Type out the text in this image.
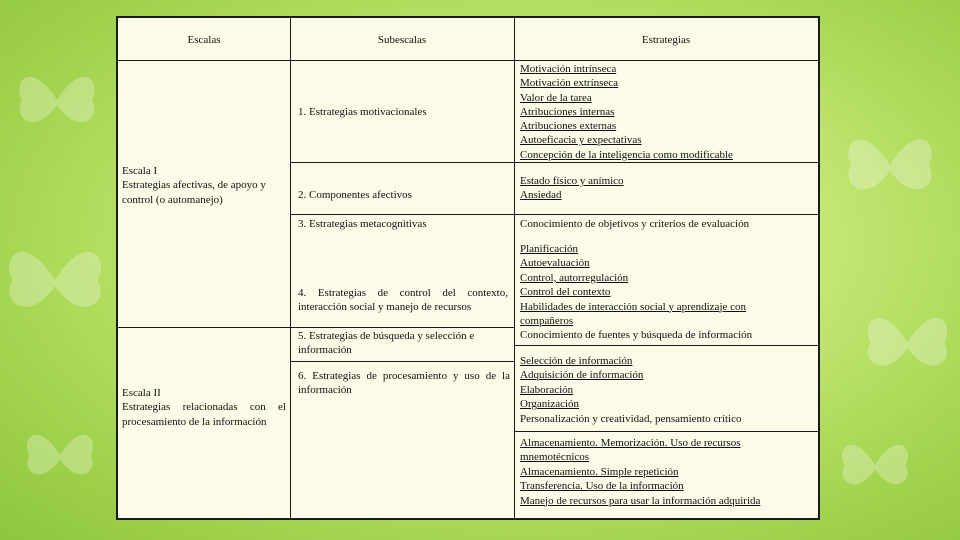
Escalas	Subescalas	Estrategias
Escala I
Estrategias afectivas, de apoyo y
control (o automanejo)
Escala II
Estrategias relacionadas con el
procesamiento de la información
1. Estrategias motivacionales
2. Componentes afectivos
3. Estrategias metacognitivas
4. Estrategias de control del contexto,
interacción social y manejo de recursos
5. Estrategias de búsqueda y selección e
información
6. Estrategias de procesamiento y uso de la
información
Motivación intrínseca
Motivación extrínseca
Valor de la tarea
Atribuciones internas
Atribuciones externas
Autoeficacia y expectativas
Concepción de la inteligencia como modificable
Estado físico y anímico
Ansiedad
Conocimiento de objetivos y criterios de evaluación
Planificación
Autoevaluación
Control, autorregulación
Control del contexto
Habilidades de interacción social y aprendizaje con
compañeros
Conocimiento de fuentes y búsqueda de información
Selección de información
Adquisición de información
Elaboración
Organización
Personalización y creatividad, pensamiento crítico
Almacenamiento. Memorización. Uso de recursos
mnemotécnicos
Almacenamiento. Simple repetición
Transferencia. Uso de la información
Manejo de recursos para usar la información adquirida
